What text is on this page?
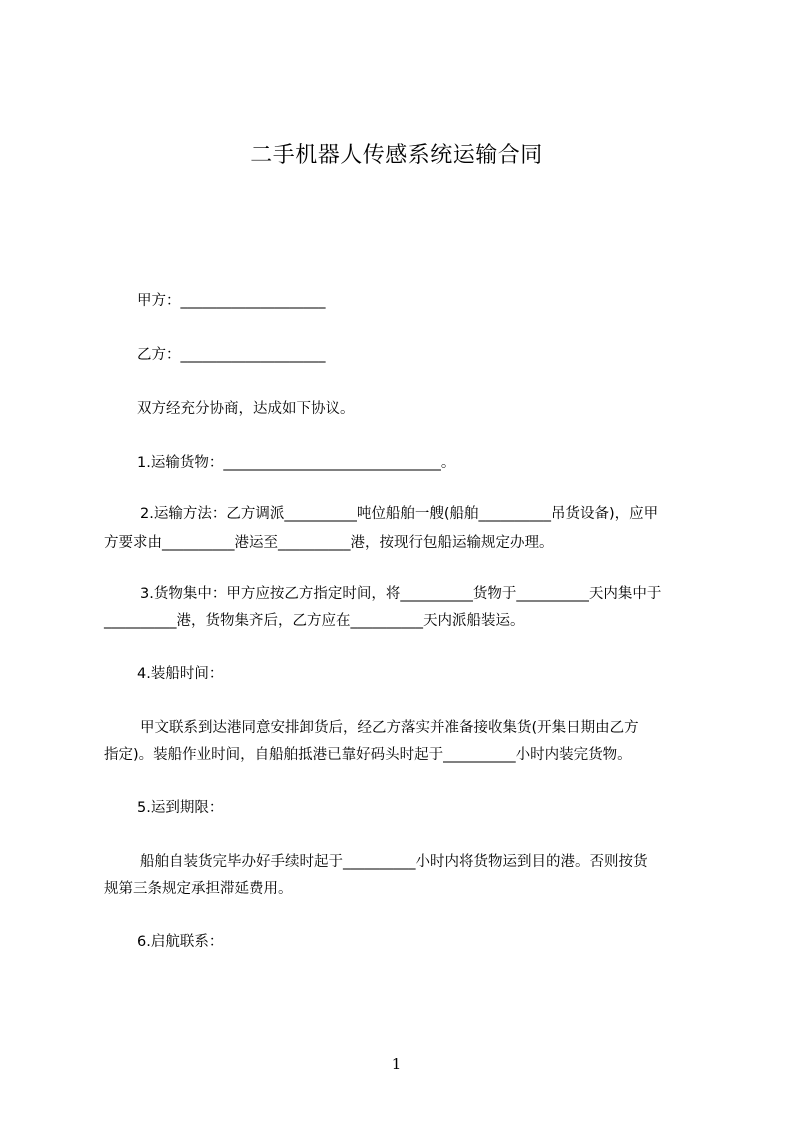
二手机器人传感系统运输合同
甲方：____________________
乙方：____________________
双方经充分协商，达成如下协议。
1.运输货物：______________________________。
2.运输方法：乙方调派__________吨位船舶一艘(船舶__________吊货设备)，应甲
方要求由__________港运至__________港，按现行包船运输规定办理。
3.货物集中：甲方应按乙方指定时间，将__________货物于__________天内集中于
__________港，货物集齐后，乙方应在__________天内派船装运。
4.装船时间：
甲文联系到达港同意安排卸货后，经乙方落实并准备接收集货(开集日期由乙方
指定)。装船作业时间，自船舶抵港已靠好码头时起于__________小时内装完货物。
5.运到期限：
船舶自装货完毕办好手续时起于__________小时内将货物运到目的港。否则按货
规第三条规定承担滞延费用。
6.启航联系：
1
